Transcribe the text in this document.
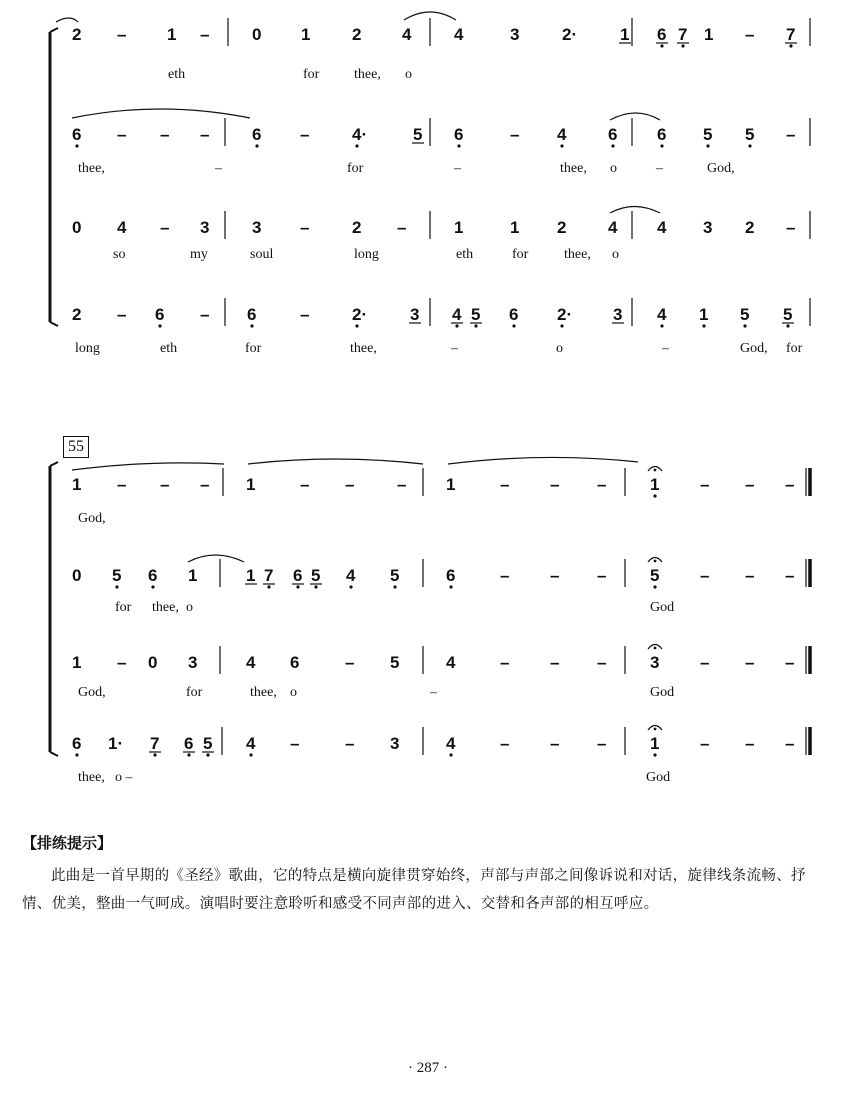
2 – 1 –	0 1 2 4	4	3	2·	1 6 7 1 – 7
eth	for thee, o
6 – – –	6 –	4·	5 6	– 4 6 6 5 5 –
thee,	–	for	–	thee, o	–	God,
0 4 – 3	3 –	2 –	1	1 2 4 4 3 2 –
so	my	soul	long	eth	for	thee, o
2 – 6 – 6	–	2·	3 4 5 6 2· 3 4 1 5 5
long	eth	for	thee,	–	o	–	God, for
1 – – – 1	– –	– 1	– – –	1 – – –
God,
0 5 6 1	1 7 6 5 4 5	6	– – –	5 – – –
for thee, o	God
1 – 0 3	4 6	– 5	4	– – –	3 – – –
God,	for	thee, o	–	God
6 1· 7 6 5 4 –	– 3	4	– – –	1 – – –
thee, o –	God
55
【排练提示】

此曲是一首早期的《圣经》歌曲，它的特点是横向旋律贯穿始终，声部与声部之间像诉说和对话，旋律线条流畅、抒情、优美，整曲一气呵成。演唱时要注意聆听和感受不同声部的进入、交替和各声部的相互呼应。

· 287 ·
